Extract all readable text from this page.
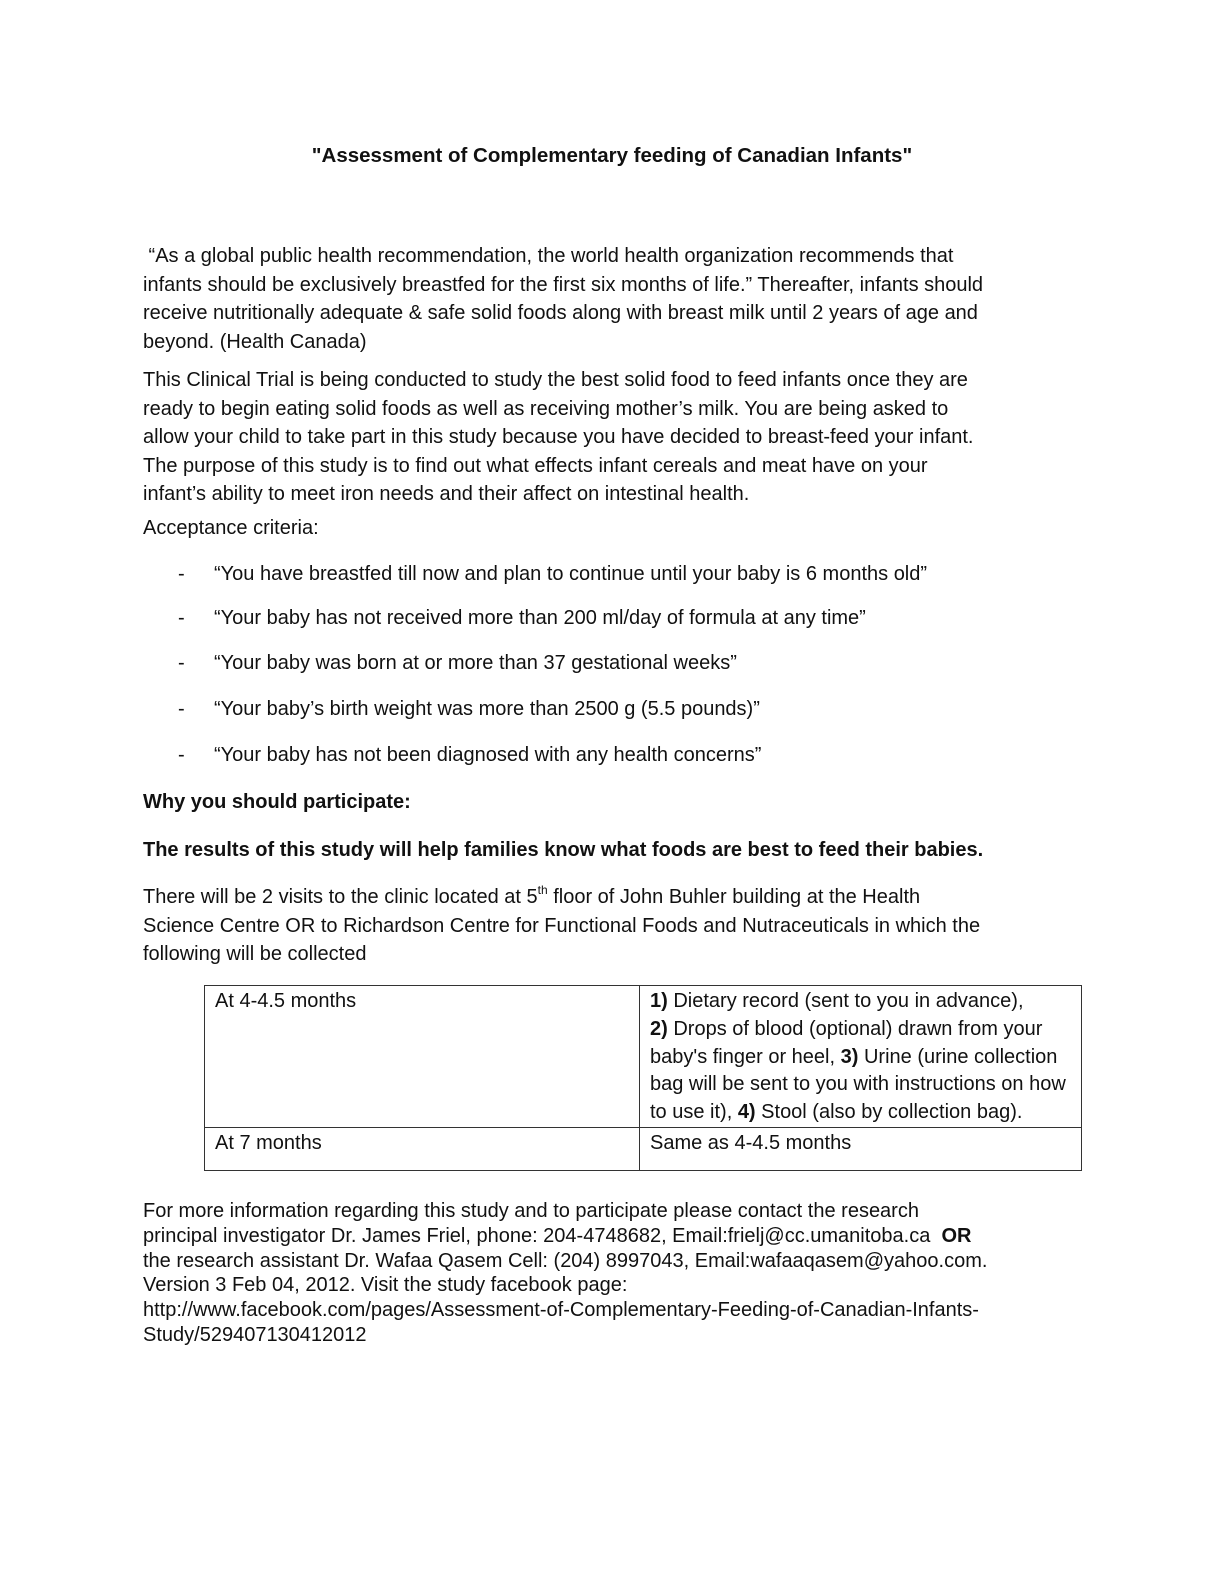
"Assessment of Complementary feeding of Canadian Infants"
“As a global public health recommendation, the world health organization recommends that
infants should be exclusively breastfed for the first six months of life.” Thereafter, infants should
receive nutritionally adequate & safe solid foods along with breast milk until 2 years of age and
beyond. (Health Canada)
This Clinical Trial is being conducted to study the best solid food to feed infants once they are
ready to begin eating solid foods as well as receiving mother’s milk. You are being asked to
allow your child to take part in this study because you have decided to breast-feed your infant.
The purpose of this study is to find out what effects infant cereals and meat have on your
infant’s ability to meet iron needs and their affect on intestinal health.
Acceptance criteria:
- “You have breastfed till now and plan to continue until your baby is 6 months old”
- “Your baby has not received more than 200 ml/day of formula at any time”
- “Your baby was born at or more than 37 gestational weeks”
- “Your baby’s birth weight was more than 2500 g (5.5 pounds)”
- “Your baby has not been diagnosed with any health concerns”
Why you should participate:
The results of this study will help families know what foods are best to feed their babies.
There will be 2 visits to the clinic located at 5th floor of John Buhler building at the Health
Science Centre OR to Richardson Centre for Functional Foods and Nutraceuticals in which the
following will be collected
At 4-4.5 months	1) Dietary record (sent to you in advance),
2) Drops of blood (optional) drawn from your baby's finger or heel, 3) Urine (urine collection bag will be sent to you with instructions on how to use it), 4) Stool (also by collection bag).
At 7 months	Same as 4-4.5 months
For more information regarding this study and to participate please contact the research
principal investigator Dr. James Friel, phone: 204-4748682, Email:frielj@cc.umanitoba.ca  OR
the research assistant Dr. Wafaa Qasem Cell: (204) 8997043, Email:wafaaqasem@yahoo.com.
Version 3 Feb 04, 2012. Visit the study facebook page:
http://www.facebook.com/pages/Assessment-of-Complementary-Feeding-of-Canadian-Infants-
Study/529407130412012
